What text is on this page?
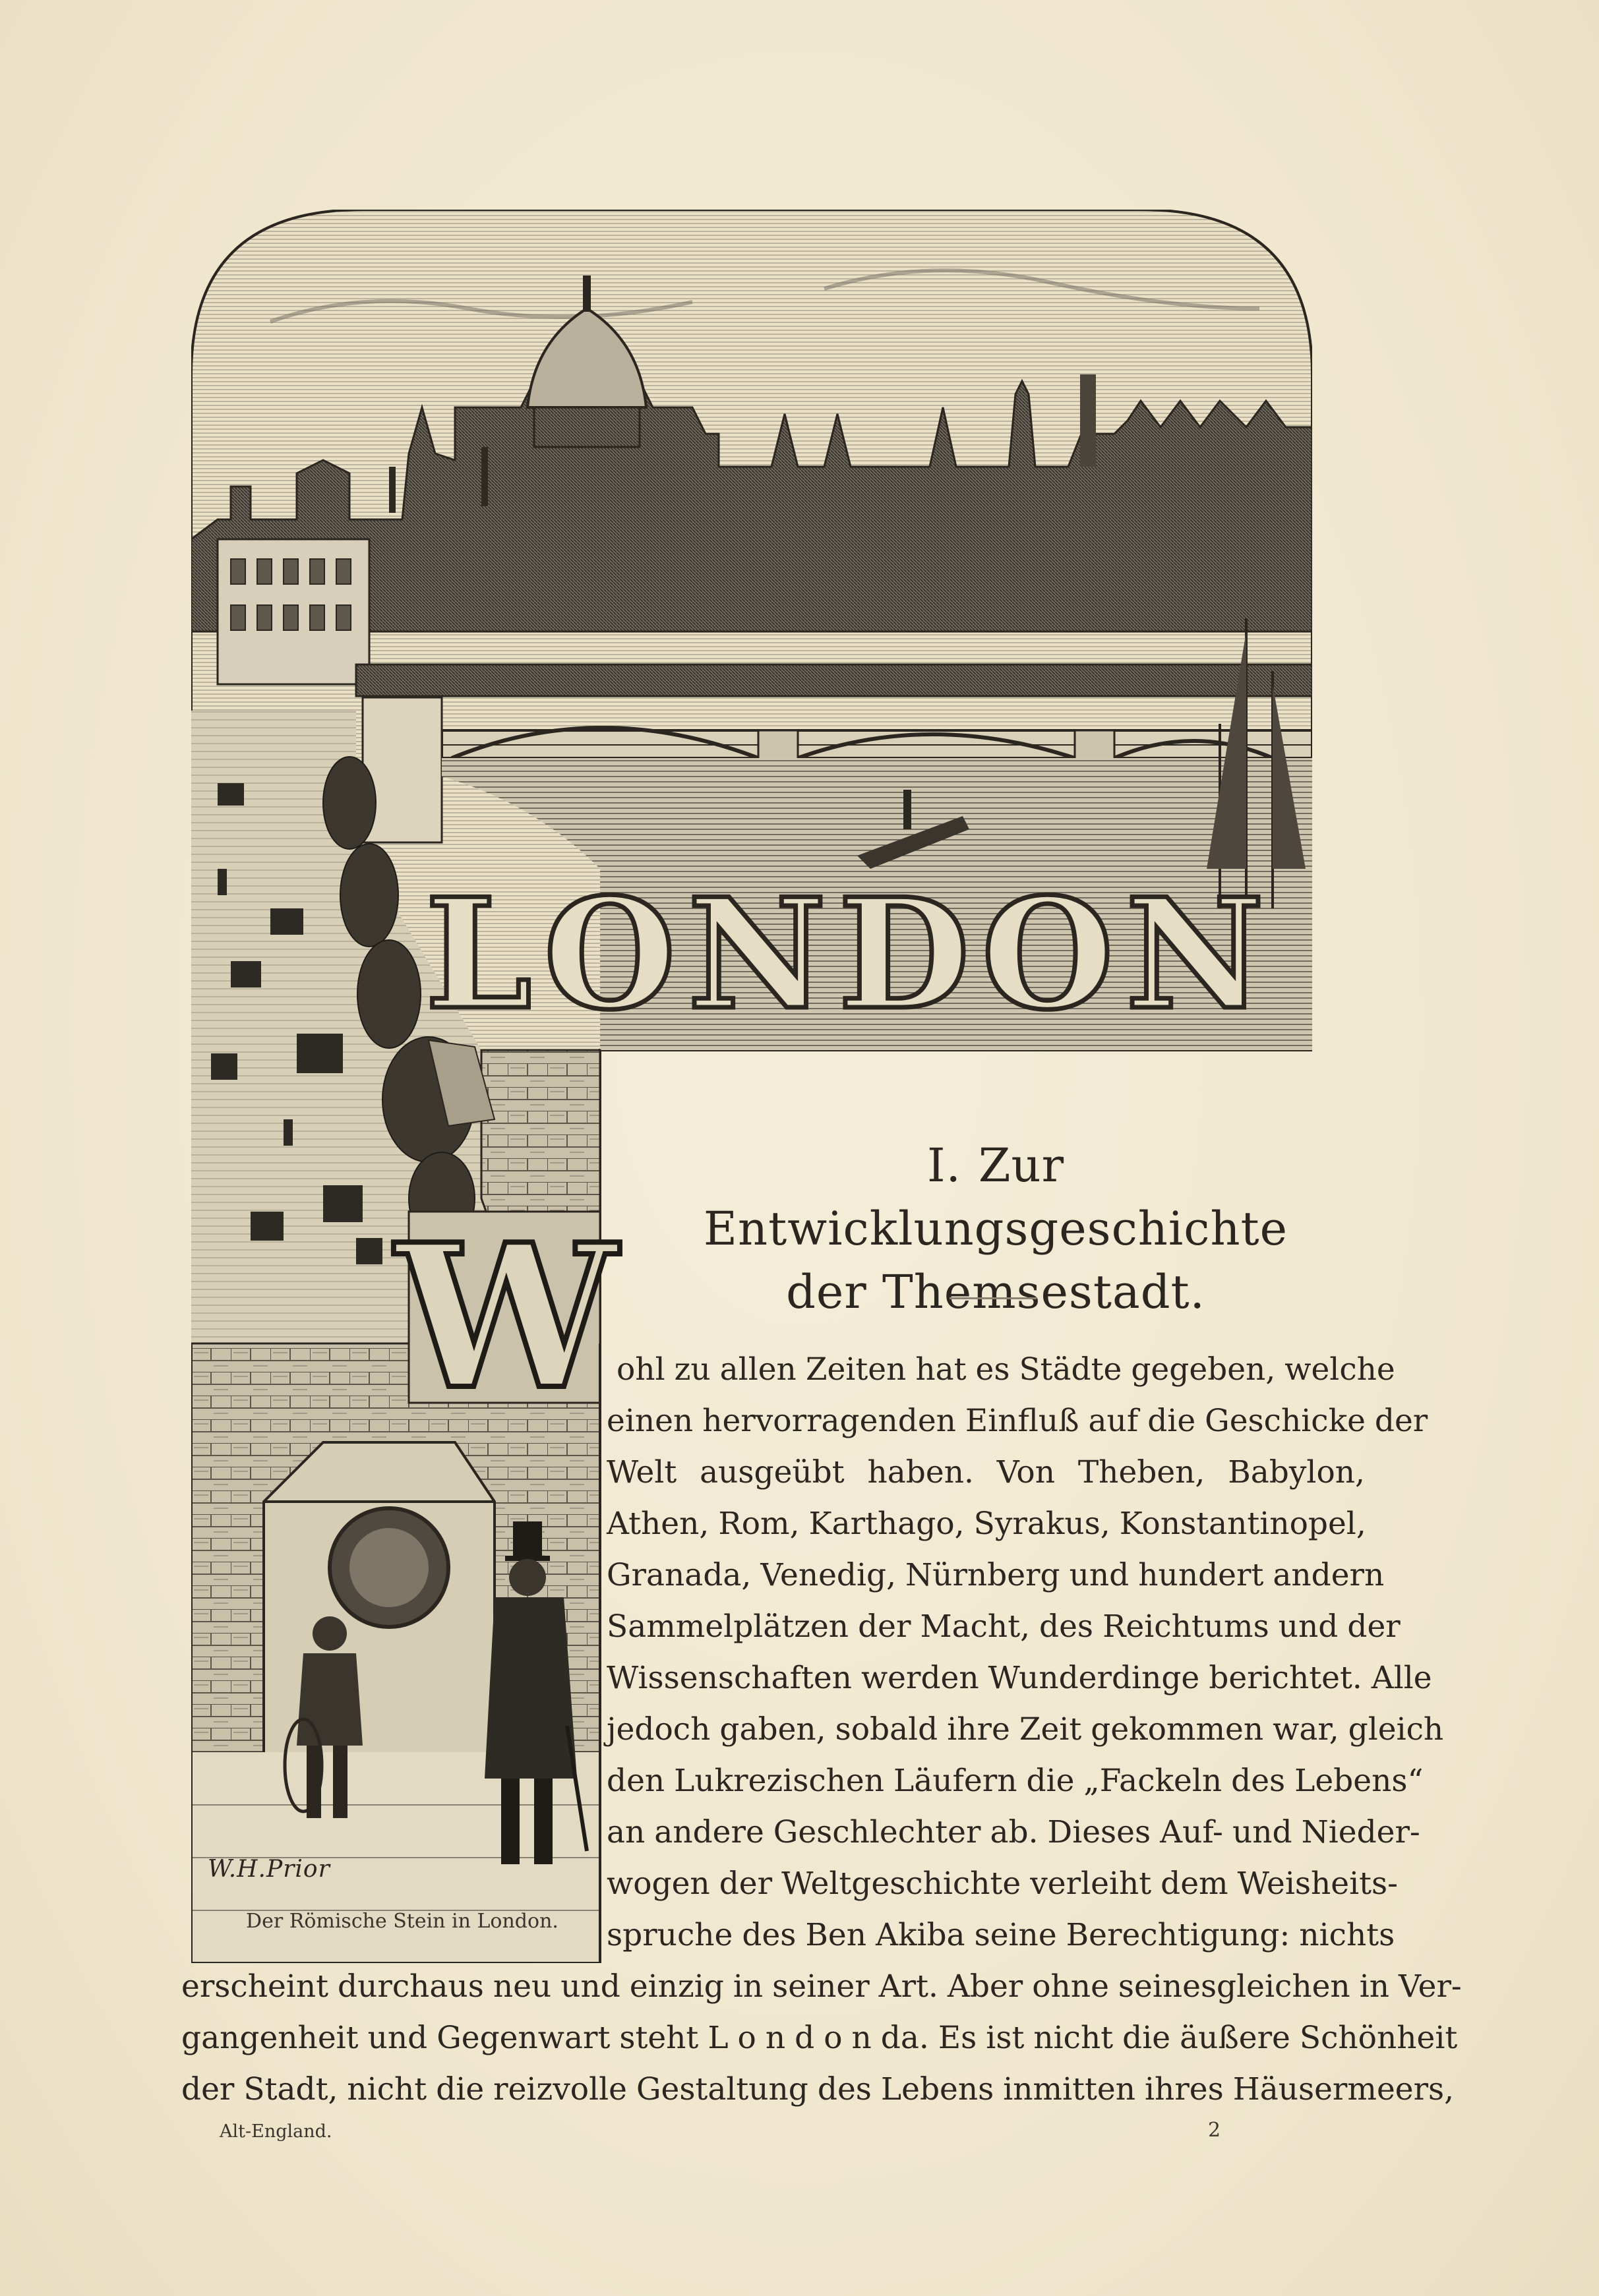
LONDON
W
W.H.Prior
Der Römische Stein in London.
I. Zur Entwicklungsgeschichte
der Themsestadt.
ohl zu allen Zeiten hat es Städte gegeben, welche
einen hervorragenden Einfluß auf die Geschicke der
Welt ausgeübt haben. Von Theben, Babylon,
Athen, Rom, Karthago, Syrakus, Konstantinopel,
Granada, Venedig, Nürnberg und hundert andern
Sammelplätzen der Macht, des Reichtums und der
Wissenschaften werden Wunderdinge berichtet. Alle
jedoch gaben, sobald ihre Zeit gekommen war, gleich
den Lukrezischen Läufern die „Fackeln des Lebens“
an andere Geschlechter ab. Dieses Auf- und Nieder-
wogen der Weltgeschichte verleiht dem Weisheits-
spruche des Ben Akiba seine Berechtigung: nichts
erscheint durchaus neu und einzig in seiner Art. Aber ohne seinesgleichen in Ver-
gangenheit und Gegenwart steht L o n d o n da. Es ist nicht die äußere Schönheit
der Stadt, nicht die reizvolle Gestaltung des Lebens inmitten ihres Häusermeers,
Alt-England.	2
